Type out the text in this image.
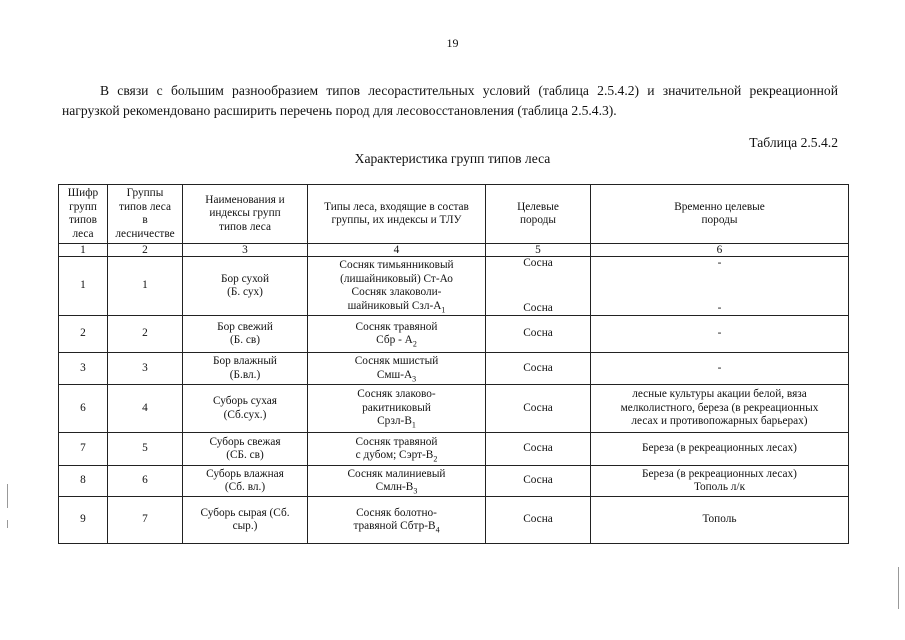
19
В связи с большим разнообразием типов лесорастительных условий (таблица 2.5.4.2) и значительной рекреационной нагрузкой рекомендовано расширить перечень пород для лесовосстановления (таблица 2.5.4.3).
Таблица 2.5.4.2
Характеристика групп типов леса
Шифр
групп
типов
леса	Группы
типов леса
в
лесничестве	Наименования и
индексы групп
типов леса	Типы леса, входящие в состав
группы, их индексы и ТЛУ	Целевые
породы	Временно целевые
породы
1	2	3	4	5	6
1	1	Бор сухой
(Б. сух)	Сосняк тимьянниковый
(лишайниковый) Ст-Ао
Сосняк злаковоли-
шайниковый Сзл-$А_1$	Сосна
Сосна	-
-

2	2	Бор свежий
(Б. св)	Сосняк травяной
Сбр - $А_2$	Сосна	-
3	3	Бор влажный
(Б.вл.)	Сосняк мшистый
Смш-$А_3$	Сосна	-
6	4	Суборь сухая
(Сб.сух.)	Сосняк злаково-
ракитниковый
Срзл-$В_1$	Сосна	лесные культуры акации белой, вяза
мелколистного, береза (в рекреационных
лесах и противопожарных барьерах)
7	5	Суборь свежая
(СБ. св)	Сосняк травяной
с дубом; Сэрт-$В_2$	Сосна	Береза (в рекреационных лесах)
8	6	Суборь влажная
(Сб. вл.)	Сосняк малиниевый
Смлн-$В_3$	Сосна	Береза (в рекреационных лесах)
Тополь л/к
9	7	Суборь сырая (Сб.
сыр.)	Сосняк болотно-
травяной Сбтр-$В_4$	Сосна	Тополь
